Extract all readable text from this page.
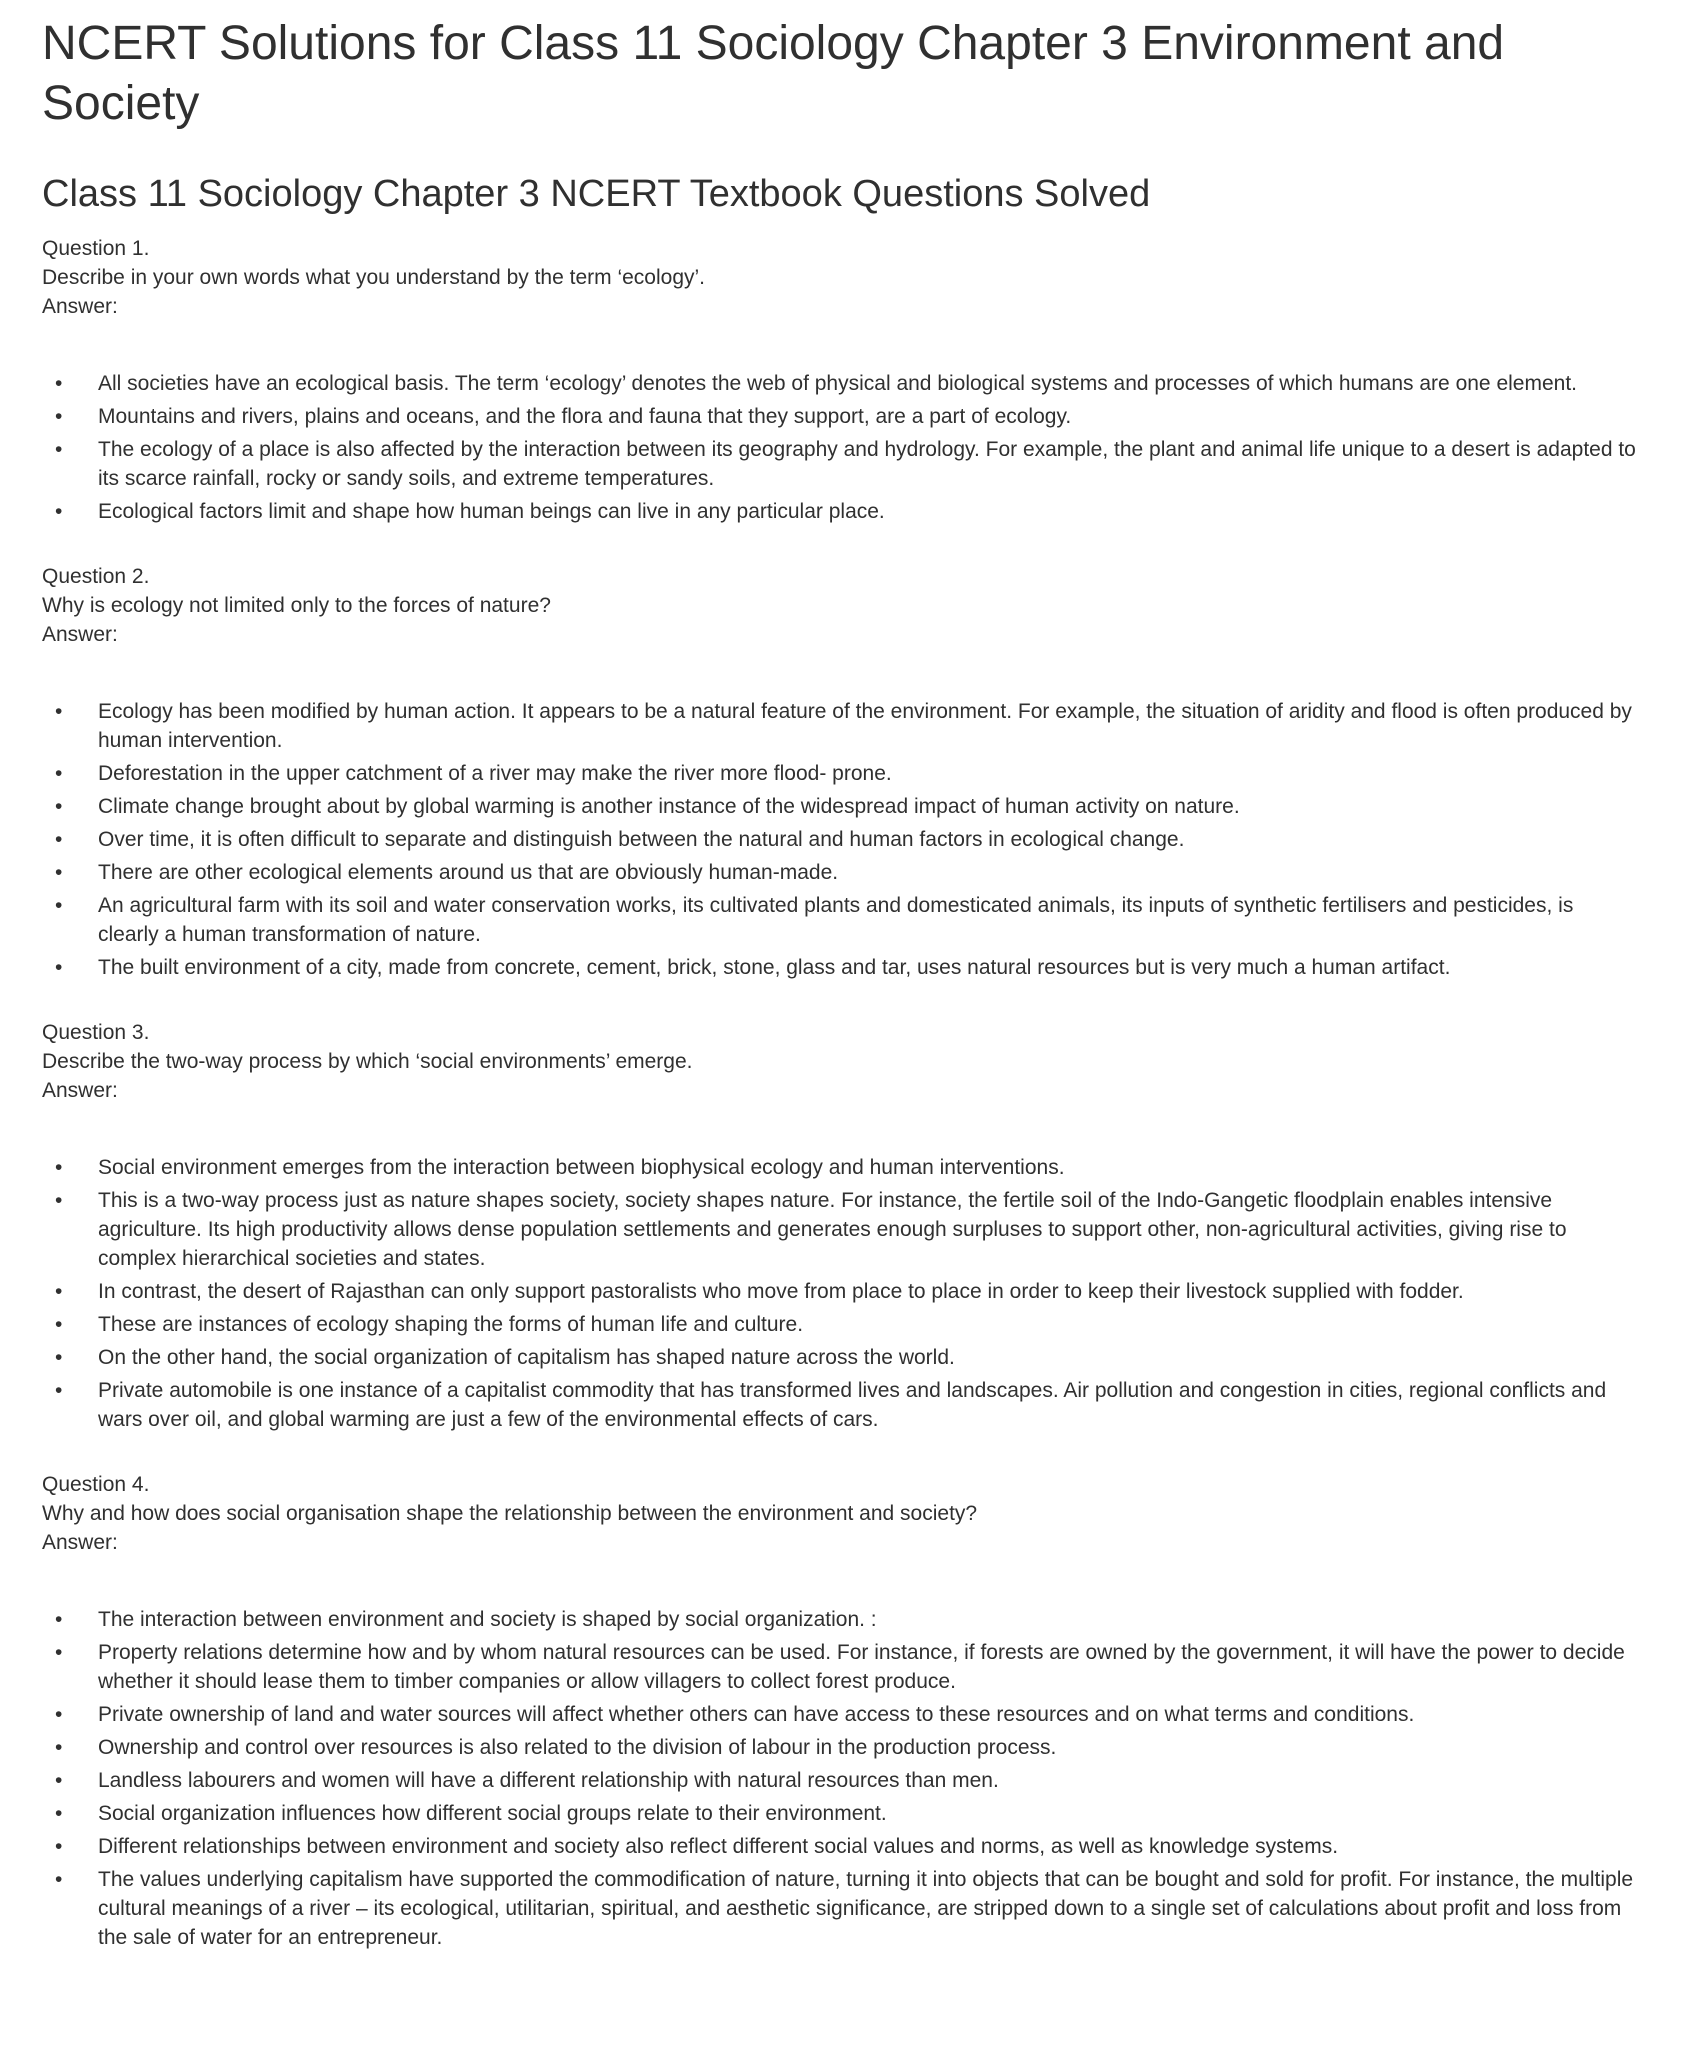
NCERT Solutions for Class 11 Sociology Chapter 3 Environment and Society
Class 11 Sociology Chapter 3 NCERT Textbook Questions Solved
Question 1.
Describe in your own words what you understand by the term ‘ecology’.
Answer:
• All societies have an ecological basis. The term ‘ecology’ denotes the web of physical and biological systems and processes of which humans are one element.
• Mountains and rivers, plains and oceans, and the flora and fauna that they support, are a part of ecology.
• The ecology of a place is also affected by the interaction between its geography and hydrology. For example, the plant and animal life unique to a desert is adapted to its scarce rainfall, rocky or sandy soils, and extreme temperatures.
• Ecological factors limit and shape how human beings can live in any particular place.
Question 2.
Why is ecology not limited only to the forces of nature?
Answer:
• Ecology has been modified by human action. It appears to be a natural feature of the environment. For example, the situation of aridity and flood is often produced by human intervention.
• Deforestation in the upper catchment of a river may make the river more flood- prone.
• Climate change brought about by global warming is another instance of the widespread impact of human activity on nature.
• Over time, it is often difficult to separate and distinguish between the natural and human factors in ecological change.
• There are other ecological elements around us that are obviously human-made.
• An agricultural farm with its soil and water conservation works, its cultivated plants and domesticated animals, its inputs of synthetic fertilisers and pesticides, is clearly a human transformation of nature.
• The built environment of a city, made from concrete, cement, brick, stone, glass and tar, uses natural resources but is very much a human artifact.
Question 3.
Describe the two-way process by which ‘social environments’ emerge.
Answer:
• Social environment emerges from the interaction between biophysical ecology and human interventions.
• This is a two-way process just as nature shapes society, society shapes nature. For instance, the fertile soil of the Indo-Gangetic floodplain enables intensive agriculture. Its high productivity allows dense population settlements and generates enough surpluses to support other, non-agricultural activities, giving rise to complex hierarchical societies and states.
• In contrast, the desert of Rajasthan can only support pastoralists who move from place to place in order to keep their livestock supplied with fodder.
• These are instances of ecology shaping the forms of human life and culture.
• On the other hand, the social organization of capitalism has shaped nature across the world.
• Private automobile is one instance of a capitalist commodity that has transformed lives and landscapes. Air pollution and congestion in cities, regional conflicts and wars over oil, and global warming are just a few of the environmental effects of cars.
Question 4.
Why and how does social organisation shape the relationship between the environment and society?
Answer:
• The interaction between environment and society is shaped by social organization. :
• Property relations determine how and by whom natural resources can be used. For instance, if forests are owned by the government, it will have the power to decide whether it should lease them to timber companies or allow villagers to collect forest produce.
• Private ownership of land and water sources will affect whether others can have access to these resources and on what terms and conditions.
• Ownership and control over resources is also related to the division of labour in the production process.
• Landless labourers and women will have a different relationship with natural resources than men.
• Social organization influences how different social groups relate to their environment.
• Different relationships between environment and society also reflect different social values and norms, as well as knowledge systems.
• The values underlying capitalism have supported the commodification of nature, turning it into objects that can be bought and sold for profit. For instance, the multiple cultural meanings of a river – its ecological, utilitarian, spiritual, and aesthetic significance, are stripped down to a single set of calculations about profit and loss from the sale of water for an entrepreneur.
